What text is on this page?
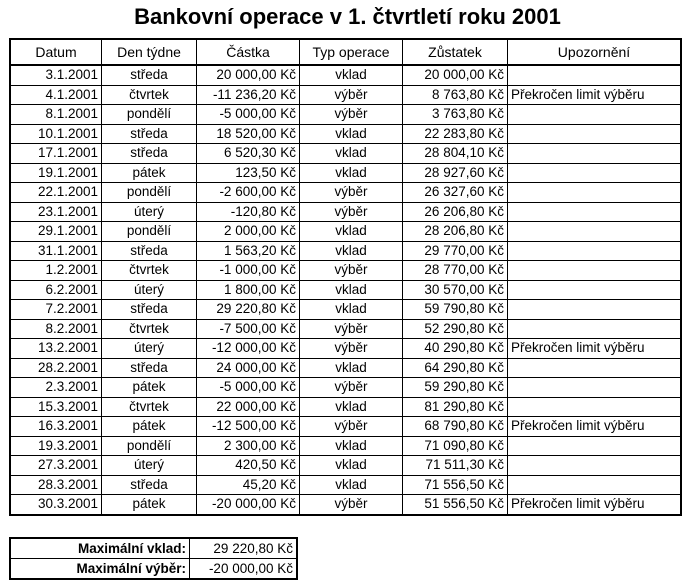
Bankovní operace v 1. čtvrtletí roku 2001
Datum	Den týdne	Částka	Typ operace	Zůstatek	Upozornění
3.1.2001	středa	20 000,00 Kč	vklad	20 000,00 Kč	
4.1.2001	čtvrtek	-11 236,20 Kč	výběr	8 763,80 Kč	Překročen limit výběru
8.1.2001	pondělí	-5 000,00 Kč	výběr	3 763,80 Kč	
10.1.2001	středa	18 520,00 Kč	vklad	22 283,80 Kč	
17.1.2001	středa	6 520,30 Kč	vklad	28 804,10 Kč	
19.1.2001	pátek	123,50 Kč	vklad	28 927,60 Kč	
22.1.2001	pondělí	-2 600,00 Kč	výběr	26 327,60 Kč	
23.1.2001	úterý	-120,80 Kč	výběr	26 206,80 Kč	
29.1.2001	pondělí	2 000,00 Kč	vklad	28 206,80 Kč	
31.1.2001	středa	1 563,20 Kč	vklad	29 770,00 Kč	
1.2.2001	čtvrtek	-1 000,00 Kč	výběr	28 770,00 Kč	
6.2.2001	úterý	1 800,00 Kč	vklad	30 570,00 Kč	
7.2.2001	středa	29 220,80 Kč	vklad	59 790,80 Kč	
8.2.2001	čtvrtek	-7 500,00 Kč	výběr	52 290,80 Kč	
13.2.2001	úterý	-12 000,00 Kč	výběr	40 290,80 Kč	Překročen limit výběru
28.2.2001	středa	24 000,00 Kč	vklad	64 290,80 Kč	
2.3.2001	pátek	-5 000,00 Kč	výběr	59 290,80 Kč	
15.3.2001	čtvrtek	22 000,00 Kč	vklad	81 290,80 Kč	
16.3.2001	pátek	-12 500,00 Kč	výběr	68 790,80 Kč	Překročen limit výběru
19.3.2001	pondělí	2 300,00 Kč	vklad	71 090,80 Kč	
27.3.2001	úterý	420,50 Kč	vklad	71 511,30 Kč	
28.3.2001	středa	45,20 Kč	vklad	71 556,50 Kč	
30.3.2001	pátek	-20 000,00 Kč	výběr	51 556,50 Kč	Překročen limit výběru
Maximální vklad:	29 220,80 Kč
Maximální výběr:	-20 000,00 Kč
